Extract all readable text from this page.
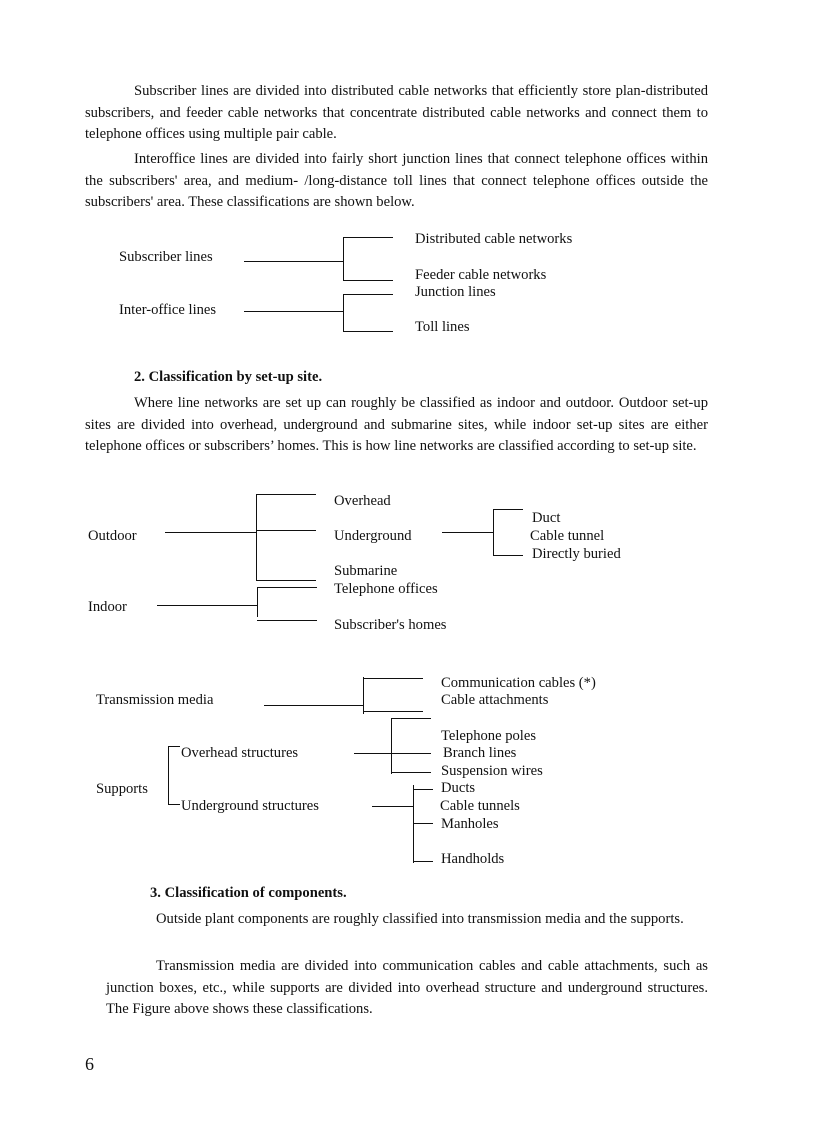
Subscriber lines are divided into distributed cable networks that efficiently store plan-distributed subscribers, and feeder cable networks that concentrate distributed cable networks and connect them to telephone offices using multiple pair cable.

Interoffice lines are divided into fairly short junction lines that connect telephone offices within the subscribers' area, and medium- /long-distance toll lines that connect telephone offices outside the subscribers' area. These classifications are shown below.

Subscriber lines
Distributed cable networks
Feeder cable networks
Inter-office lines
Junction lines
Toll lines
2. Classification by set-up site.

Where line networks are set up can roughly be classified as indoor and outdoor. Outdoor set-up sites are divided into overhead, underground and submarine sites, while indoor set-up sites are either telephone offices or subscribers’ homes. This is how line networks are classified according to set-up site.

Outdoor
Overhead
Underground
Submarine
Duct
Cable tunnel
Directly buried
Indoor
Telephone offices
Subscriber's homes
Transmission media
Communication cables (*)
Cable attachments
Supports
Overhead structures
Underground structures
Telephone poles
Branch lines
Suspension wires
Ducts
Cable tunnels
Manholes
Handholds
3. Classification of components.

Outside plant components are roughly classified into transmission media and the supports.

Transmission media are divided into communication cables and cable attachments, such as junction boxes, etc., while supports are divided into overhead structure and underground structures. The Figure above shows these classifications.

6
